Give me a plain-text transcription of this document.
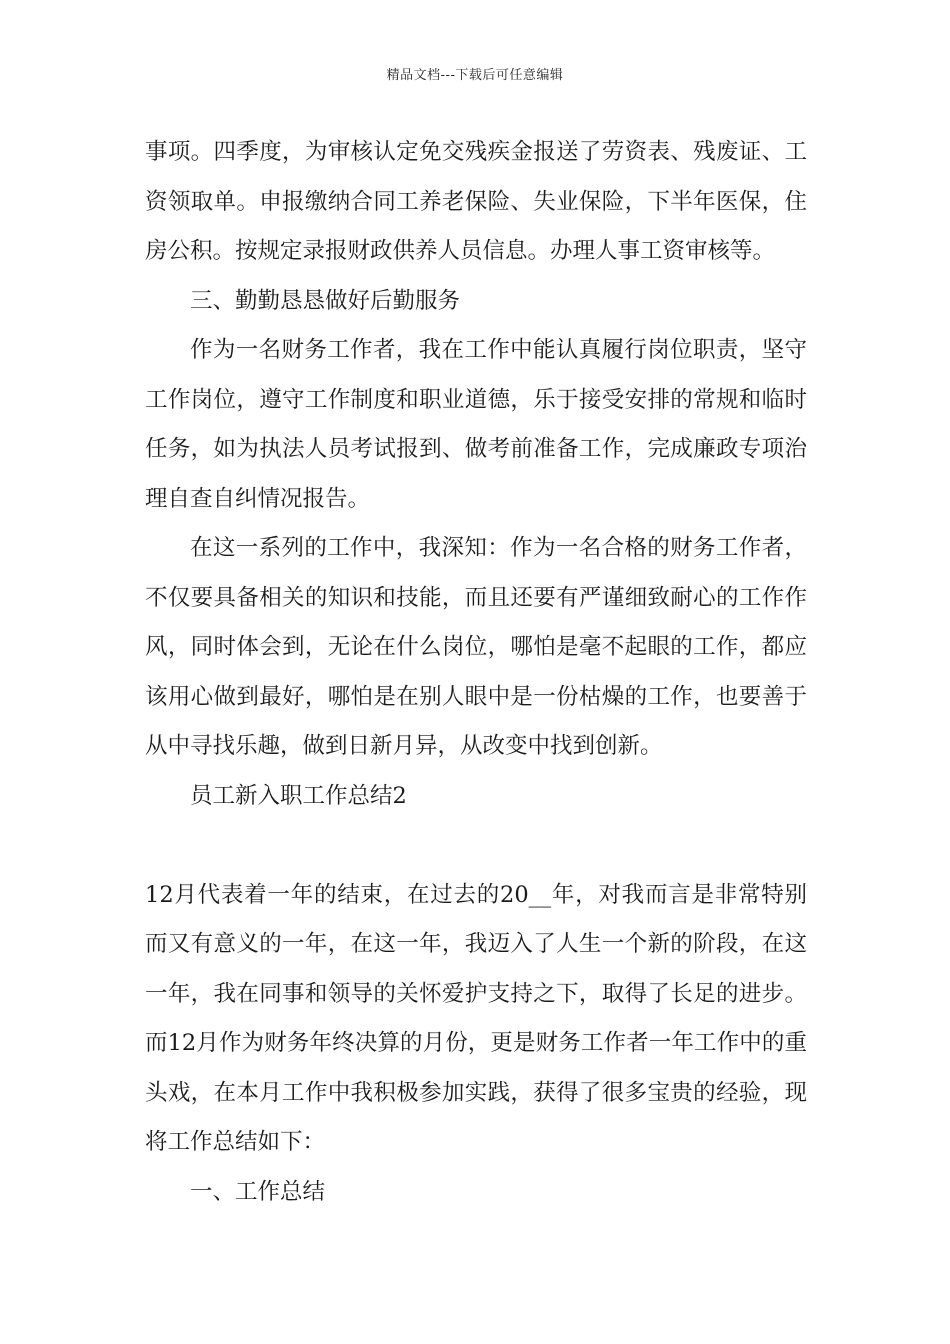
精品文档---下载后可任意编辑

事项。四季度，为审核认定免交残疾金报送了劳资表、残废证、工资领取单。申报缴纳合同工养老保险、失业保险，下半年医保，住房公积。按规定录报财政供养人员信息。办理人事工资审核等。

三、勤勤恳恳做好后勤服务

作为一名财务工作者，我在工作中能认真履行岗位职责，坚守工作岗位，遵守工作制度和职业道德，乐于接受安排的常规和临时任务，如为执法人员考试报到、做考前准备工作，完成廉政专项治理自查自纠情况报告。

在这一系列的工作中，我深知：作为一名合格的财务工作者，不仅要具备相关的知识和技能，而且还要有严谨细致耐心的工作作风，同时体会到，无论在什么岗位，哪怕是毫不起眼的工作，都应该用心做到最好，哪怕是在别人眼中是一份枯燥的工作，也要善于从中寻找乐趣，做到日新月异，从改变中找到创新。

员工新入职工作总结2

12月代表着一年的结束，在过去的20__年，对我而言是非常特别而又有意义的一年，在这一年，我迈入了人生一个新的阶段，在这一年，我在同事和领导的关怀爱护支持之下，取得了长足的进步。而12月作为财务年终决算的月份，更是财务工作者一年工作中的重头戏，在本月工作中我积极参加实践，获得了很多宝贵的经验，现将工作总结如下：

一、工作总结
